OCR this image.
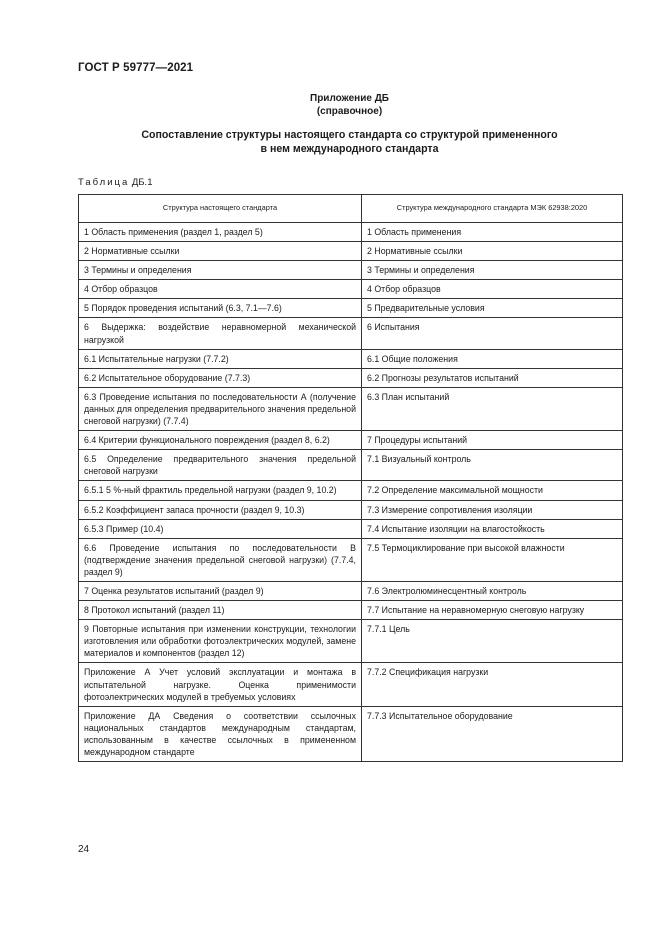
ГОСТ Р 59777—2021
Приложение ДБ
(справочное)
Сопоставление структуры настоящего стандарта со структурой примененного
в нем международного стандарта
Таблица ДБ.1
Структура настоящего стандарта	Структура международного стандарта МЭК 62938:2020
1 Область применения (раздел 1, раздел 5)	1 Область применения
2 Нормативные ссылки	2 Нормативные ссылки
3 Термины и определения	3 Термины и определения
4 Отбор образцов	4 Отбор образцов
5 Порядок проведения испытаний (6.3, 7.1—7.6)	5 Предварительные условия
6 Выдержка: воздействие неравномерной механической нагрузкой	6 Испытания
6.1 Испытательные нагрузки (7.7.2)	6.1 Общие положения
6.2 Испытательное оборудование (7.7.3)	6.2 Прогнозы результатов испытаний
6.3 Проведение испытания по последовательности А (получение данных для определения предварительного значения предельной снеговой нагрузки) (7.7.4)	6.3 План испытаний
6.4 Критерии функционального повреждения (раздел 8, 6.2)	7 Процедуры испытаний
6.5 Определение предварительного значения предельной снеговой нагрузки	7.1 Визуальный контроль
6.5.1 5 %-ный фрактиль предельной нагрузки (раздел 9, 10.2)	7.2 Определение максимальной мощности
6.5.2 Коэффициент запаса прочности (раздел 9, 10.3)	7.3 Измерение сопротивления изоляции
6.5.3 Пример (10.4)	7.4 Испытание изоляции на влагостойкость
6.6 Проведение испытания по последовательности В (подтверждение значения предельной снеговой нагрузки) (7.7.4, раздел 9)	7.5 Термоциклирование при высокой влажности
7 Оценка результатов испытаний (раздел 9)	7.6 Электролюминесцентный контроль
8 Протокол испытаний (раздел 11)	7.7 Испытание на неравномерную снеговую нагрузку
9 Повторные испытания при изменении конструкции, технологии изготовления или обработки фотоэлектрических модулей, замене материалов и компонентов (раздел 12)	7.7.1 Цель
Приложение А Учет условий эксплуатации и монтажа в испытательной нагрузке. Оценка применимости фотоэлектрических модулей в требуемых условиях	7.7.2 Спецификация нагрузки
Приложение ДА Сведения о соответствии ссылочных национальных стандартов международным стандартам, использованным в качестве ссылочных в примененном международном стандарте	7.7.3 Испытательное оборудование
24
